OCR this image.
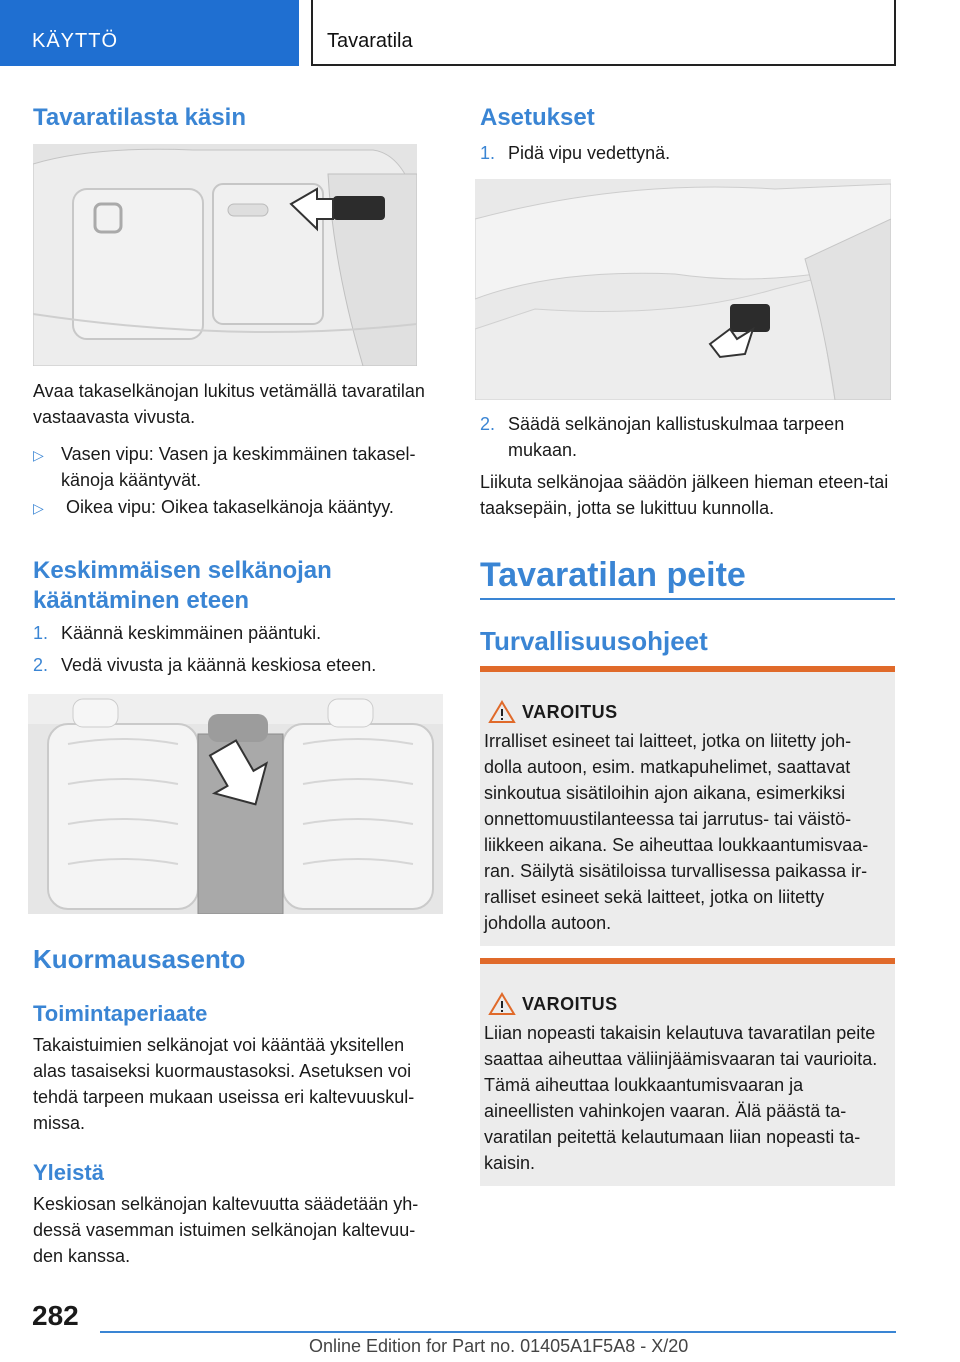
KÄYTTÖ	Tavaratila
Tavaratilasta käsin
Avaa takaselkänojan lukitus vetämällä tavaratilan vastaavasta vivusta.
▷ Vasen vipu: Vasen ja keskimmäinen takasel-
känoja kääntyvät.
▷ Oikea vipu: Oikea takaselkänoja kääntyy.
Keskimmäisen selkänojan kääntäminen eteen
1. Käännä keskimmäinen pääntuki.
2. Vedä vivusta ja käännä keskiosa eteen.
Kuormausasento
Toimintaperiaate
Takaistuimien selkänojat voi kääntää yksitellen alas tasaiseksi kuormaustasoksi. Asetuksen voi tehdä tarpeen mukaan useissa eri kaltevuuskul-missa.
Yleistä
Keskiosan selkänojan kaltevuutta säädetään yh-dessä vasemman istuimen selkänojan kaltevuu-den kanssa.
Asetukset
1. Pidä vipu vedettynä.
2. Säädä selkänojan kallistuskulmaa tarpeen mukaan.
Liikuta selkänojaa säädön jälkeen hieman eteen-tai taaksepäin, jotta se lukittuu kunnolla.
Tavaratilan peite
Turvallisuusohjeet
VAROITUS
Irralliset esineet tai laitteet, jotka on liitetty joh-dolla autoon, esim. matkapuhelimet, saattavat sinkoutua sisätiloihin ajon aikana, esimerkiksi onnettomuustilanteessa tai jarrutus- tai väistö-liikkeen aikana. Se aiheuttaa loukkaantumisvaa-ran. Säilytä sisätiloissa turvallisessa paikassa ir-ralliset esineet sekä laitteet, jotka on liitetty johdolla autoon.
VAROITUS
Liian nopeasti takaisin kelautuva tavaratilan peite saattaa aiheuttaa väliinjäämisvaaran tai vaurioita. Tämä aiheuttaa loukkaantumisvaaran ja aineellisten vahinkojen vaaran. Älä päästä ta-varatilan peitettä kelautumaan liian nopeasti ta-kaisin.
282
Online Edition for Part no. 01405A1F5A8 - X/20
